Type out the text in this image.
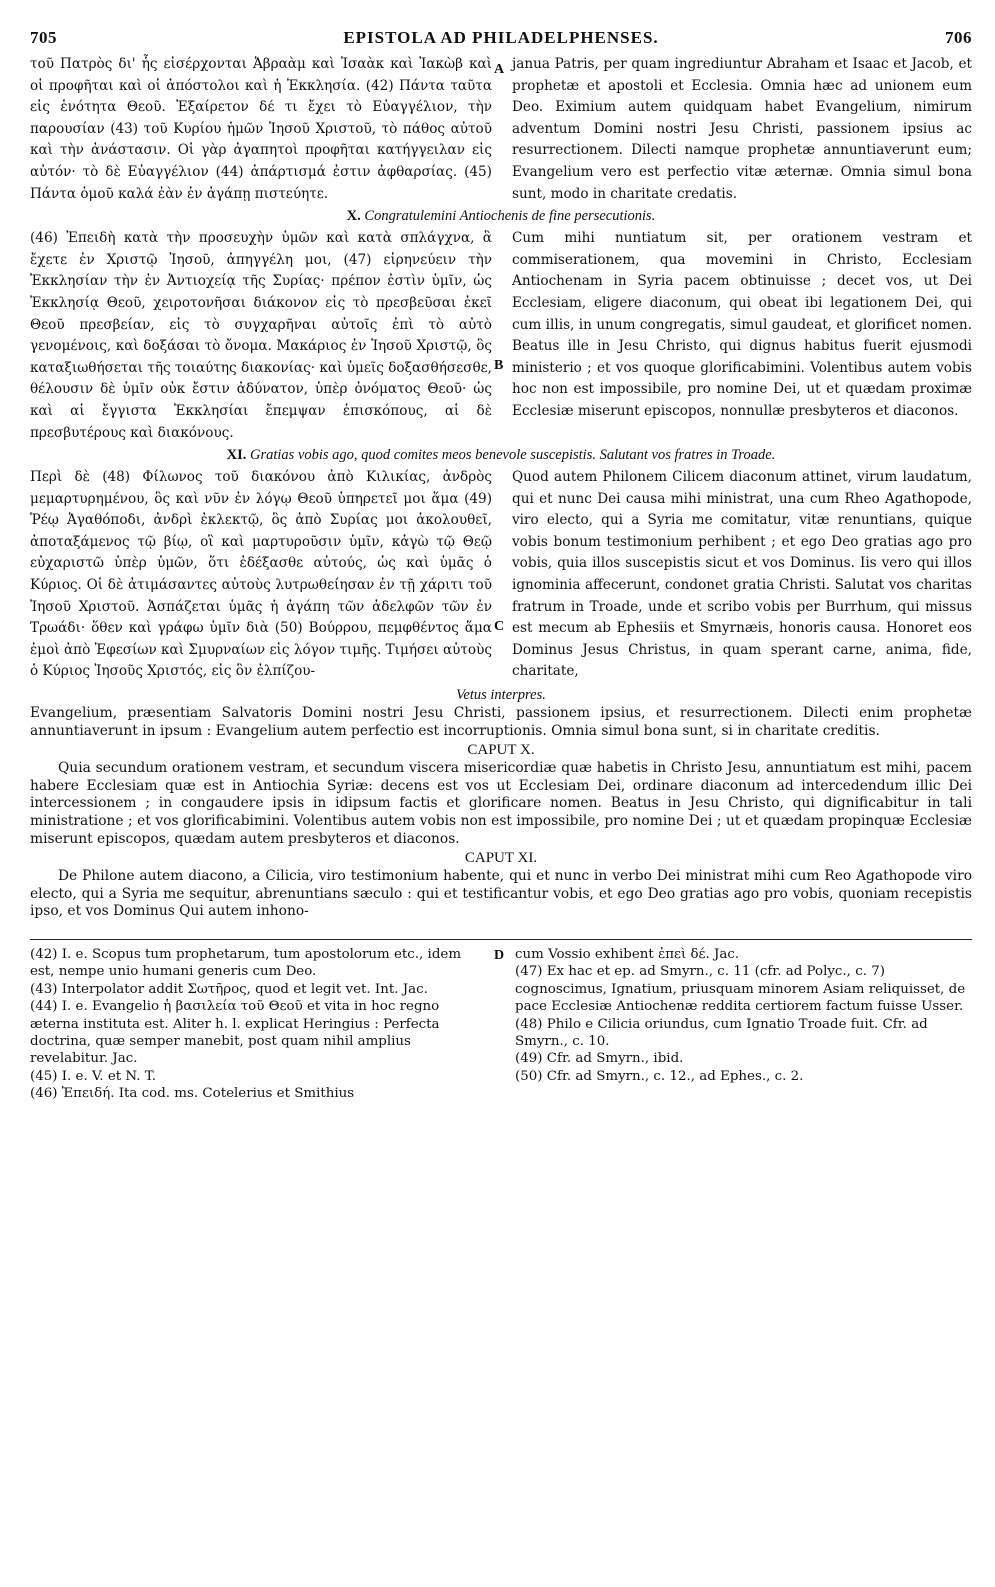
705	EPISTOLA AD PHILADELPHENSES.	706
τοῦ Πατρὸς δι' ἧς εἰσέρχονται Ἀβραὰμ καὶ Ἰσαὰκ καὶ Ἰακὼβ καὶ οἱ προφῆται καὶ οἱ ἀπόστολοι καὶ ἡ Ἐκκλησία. (42) Πάντα ταῦτα εἰς ἑνότητα Θεοῦ. Ἐξαίρετον δέ τι ἔχει τὸ Εὐαγγέλιον, τὴν παρουσίαν (43) τοῦ Κυρίου ἡμῶν Ἰησοῦ Χριστοῦ, τὸ πάθος αὐτοῦ καὶ τὴν ἀνάστασιν. Οἱ γὰρ ἀγαπητοὶ προφῆται κατήγγειλαν εἰς αὐτόν· τὸ δὲ Εὐαγγέλιον (44) ἀπάρτισμά ἐστιν ἀφθαρσίας. (45) Πάντα ὁμοῦ καλά ἐὰν ἐν ἀγάπῃ πιστεύητε.
janua Patris, per quam ingrediuntur Abraham et Isaac et Jacob, et prophetæ et apostoli et Ecclesia. Omnia hæc ad unionem eum Deo. Eximium autem quidquam habet Evangelium, nimirum adventum Domini nostri Jesu Christi, passionem ipsius ac resurrectionem. Dilecti namque prophetæ annuntiaverunt eum; Evangelium vero est perfectio vitæ æternæ. Omnia simul bona sunt, modo in charitate credatis.
A
X. Congratulemini Antiochenis de fine persecutionis.
(46) Ἐπειδὴ κατὰ τὴν προσευχὴν ὑμῶν καὶ κατὰ σπλάγχνα, ἃ ἔχετε ἐν Χριστῷ Ἰησοῦ, ἀπηγγέλη μοι, (47) εἰρηνεύειν τὴν Ἐκκλησίαν τὴν ἐν Ἀντιοχείᾳ τῆς Συρίας· πρέπον ἐστὶν ὑμῖν, ὡς Ἐκκλησίᾳ Θεοῦ, χειροτονῆσαι διάκονον εἰς τὸ πρεσβεῦσαι ἐκεῖ Θεοῦ πρεσβείαν, εἰς τὸ συγχαρῆναι αὐτοῖς ἐπὶ τὸ αὐτὸ γενομένοις, καὶ δοξάσαι τὸ ὄνομα. Μακάριος ἐν Ἰησοῦ Χριστῷ, ὃς καταξιωθήσεται τῆς τοιαύτης διακονίας· καὶ ὑμεῖς δοξασθήσεσθε, θέλουσιν δὲ ὑμῖν οὐκ ἔστιν ἀδύνατον, ὑπὲρ ὀνόματος Θεοῦ· ὡς καὶ αἱ ἔγγιστα Ἐκκλησίαι ἔπεμψαν ἐπισκόπους, αἱ δὲ πρεσβυτέρους καὶ διακόνους.
Cum mihi nuntiatum sit, per orationem vestram et commiserationem, qua movemini in Christo, Ecclesiam Antiochenam in Syria pacem obtinuisse ; decet vos, ut Dei Ecclesiam, eligere diaconum, qui obeat ibi legationem Dei, qui cum illis, in unum congregatis, simul gaudeat, et glorificet nomen. Beatus ille in Jesu Christo, qui dignus habitus fuerit ejusmodi ministerio ; et vos quoque glorificabimini. Volentibus autem vobis hoc non est impossibile, pro nomine Dei, ut et quædam proximæ Ecclesiæ miserunt episcopos, nonnullæ presbyteros et diaconos.
B
XI. Gratias vobis ago, quod comites meos benevole suscepistis. Salutant vos fratres in Troade.
Περὶ δὲ (48) Φίλωνος τοῦ διακόνου ἀπὸ Κιλικίας, ἀνδρὸς μεμαρτυρημένου, ὃς καὶ νῦν ἐν λόγῳ Θεοῦ ὑπηρετεῖ μοι ἅμα (49) Ῥέῳ Ἀγαθόποδι, ἀνδρὶ ἐκλεκτῷ, ὃς ἀπὸ Συρίας μοι ἀκολουθεῖ, ἀποταξάμενος τῷ βίῳ, οἳ καὶ μαρτυροῦσιν ὑμῖν, κἀγὼ τῷ Θεῷ εὐχαριστῶ ὑπὲρ ὑμῶν, ὅτι ἐδέξασθε αὐτούς, ὡς καὶ ὑμᾶς ὁ Κύριος. Οἱ δὲ ἀτιμάσαντες αὐτοὺς λυτρωθείησαν ἐν τῇ χάριτι τοῦ Ἰησοῦ Χριστοῦ. Ἀσπάζεται ὑμᾶς ἡ ἀγάπη τῶν ἀδελφῶν τῶν ἐν Τρωάδι· ὅθεν καὶ γράφω ὑμῖν διὰ (50) Βούρρου, πεμφθέντος ἅμα ἐμοὶ ἀπὸ Ἐφεσίων καὶ Σμυρναίων εἰς λόγον τιμῆς. Τιμήσει αὐτοὺς ὁ Κύριος Ἰησοῦς Χριστός, εἰς ὃν ἐλπίζου-
Quod autem Philonem Cilicem diaconum attinet, virum laudatum, qui et nunc Dei causa mihi ministrat, una cum Rheo Agathopode, viro electo, qui a Syria me comitatur, vitæ renuntians, quique vobis bonum testimonium perhibent ; et ego Deo gratias ago pro vobis, quia illos suscepistis sicut et vos Dominus. Iis vero qui illos ignominia affecerunt, condonet gratia Christi. Salutat vos charitas fratrum in Troade, unde et scribo vobis per Burrhum, qui missus est mecum ab Ephesiis et Smyrnæis, honoris causa. Honoret eos Dominus Jesus Christus, in quam sperant carne, anima, fide, charitate,
C
Vetus interpres.
Evangelium, præsentiam Salvatoris Domini nostri Jesu Christi, passionem ipsius, et resurrectionem. Dilecti enim prophetæ annuntiaverunt in ipsum : Evangelium autem perfectio est incorruptionis. Omnia simul bona sunt, si in charitate creditis.
CAPUT X.
Quia secundum orationem vestram, et secundum viscera misericordiæ quæ habetis in Christo Jesu, annuntiatum est mihi, pacem habere Ecclesiam quæ est in Antiochia Syriæ: decens est vos ut Ecclesiam Dei, ordinare diaconum ad intercedendum illic Dei intercessionem ; in congaudere ipsis in idipsum factis et glorificare nomen. Beatus in Jesu Christo, qui dignificabitur in tali ministratione ; et vos glorificabimini. Volentibus autem vobis non est impossibile, pro nomine Dei ; ut et quædam propinquæ Ecclesiæ miserunt episcopos, quædam autem presbyteros et diaconos.
CAPUT XI.
De Philone autem diacono, a Cilicia, viro testimonium habente, qui et nunc in verbo Dei ministrat mihi cum Reo Agathopode viro electo, qui a Syria me sequitur, abrenuntians sæculo : qui et testificantur vobis, et ego Deo gratias ago pro vobis, quoniam recepistis ipso, et vos Dominus Qui autem inhono-

(42) I. e. Scopus tum prophetarum, tum apostolorum etc., idem est, nempe unio humani generis cum Deo.

(43) Interpolator addit Σωτῆρος, quod et legit vet. Int. Jac.

(44) I. e. Evangelio ἡ βασιλεία τοῦ Θεοῦ et vita in hoc regno æterna instituta est. Aliter h. l. explicat Heringius : Perfecta doctrina, quæ semper manebit, post quam nihil amplius revelabitur. Jac.

(45) I. e. V. et N. T.

(46) Ἐπειδή. Ita cod. ms. Cotelerius et Smithius

D cum Vossio exhibent ἐπεὶ δέ. Jac.

(47) Ex hac et ep. ad Smyrn., c. 11 (cfr. ad Polyc., c. 7) cognoscimus, Ignatium, priusquam minorem Asiam reliquisset, de pace Ecclesiæ Antiochenæ reddita certiorem factum fuisse Usser.

(48) Philo e Cilicia oriundus, cum Ignatio Troade fuit. Cfr. ad Smyrn., c. 10.

(49) Cfr. ad Smyrn., ibid.

(50) Cfr. ad Smyrn., c. 12., ad Ephes., c. 2.
